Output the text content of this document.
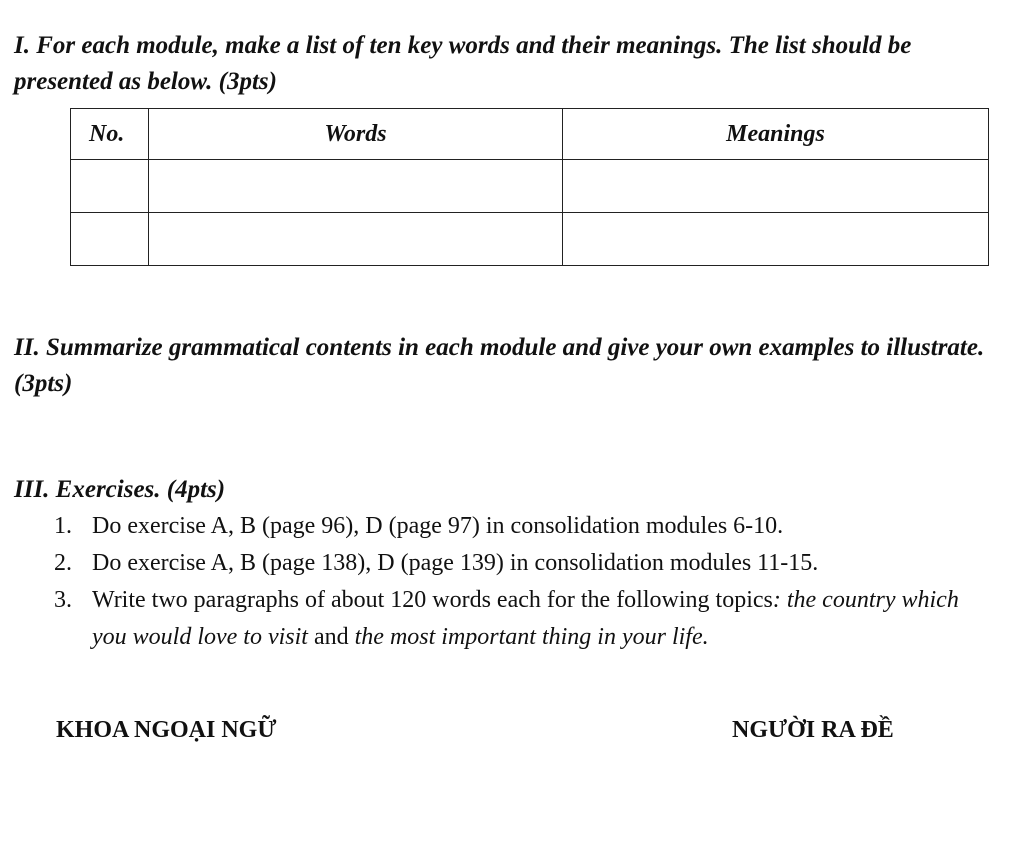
I. For each module, make a list of ten key words and their meanings. The list should be presented as below. (3pts)

No.	Words	Meanings

II. Summarize grammatical contents in each module and give your own examples to illustrate. (3pts)

III. Exercises. (4pts)

1. Do exercise A, B (page 96), D (page 97) in consolidation modules 6-10.
2. Do exercise A, B (page 138), D (page 139) in consolidation modules 11-15.
3. Write two paragraphs of about 120 words each for the following topics: the country which you would love to visit and the most important thing in your life.

KHOA NGOẠI NGỮ	NGƯỜI RA ĐỀ
